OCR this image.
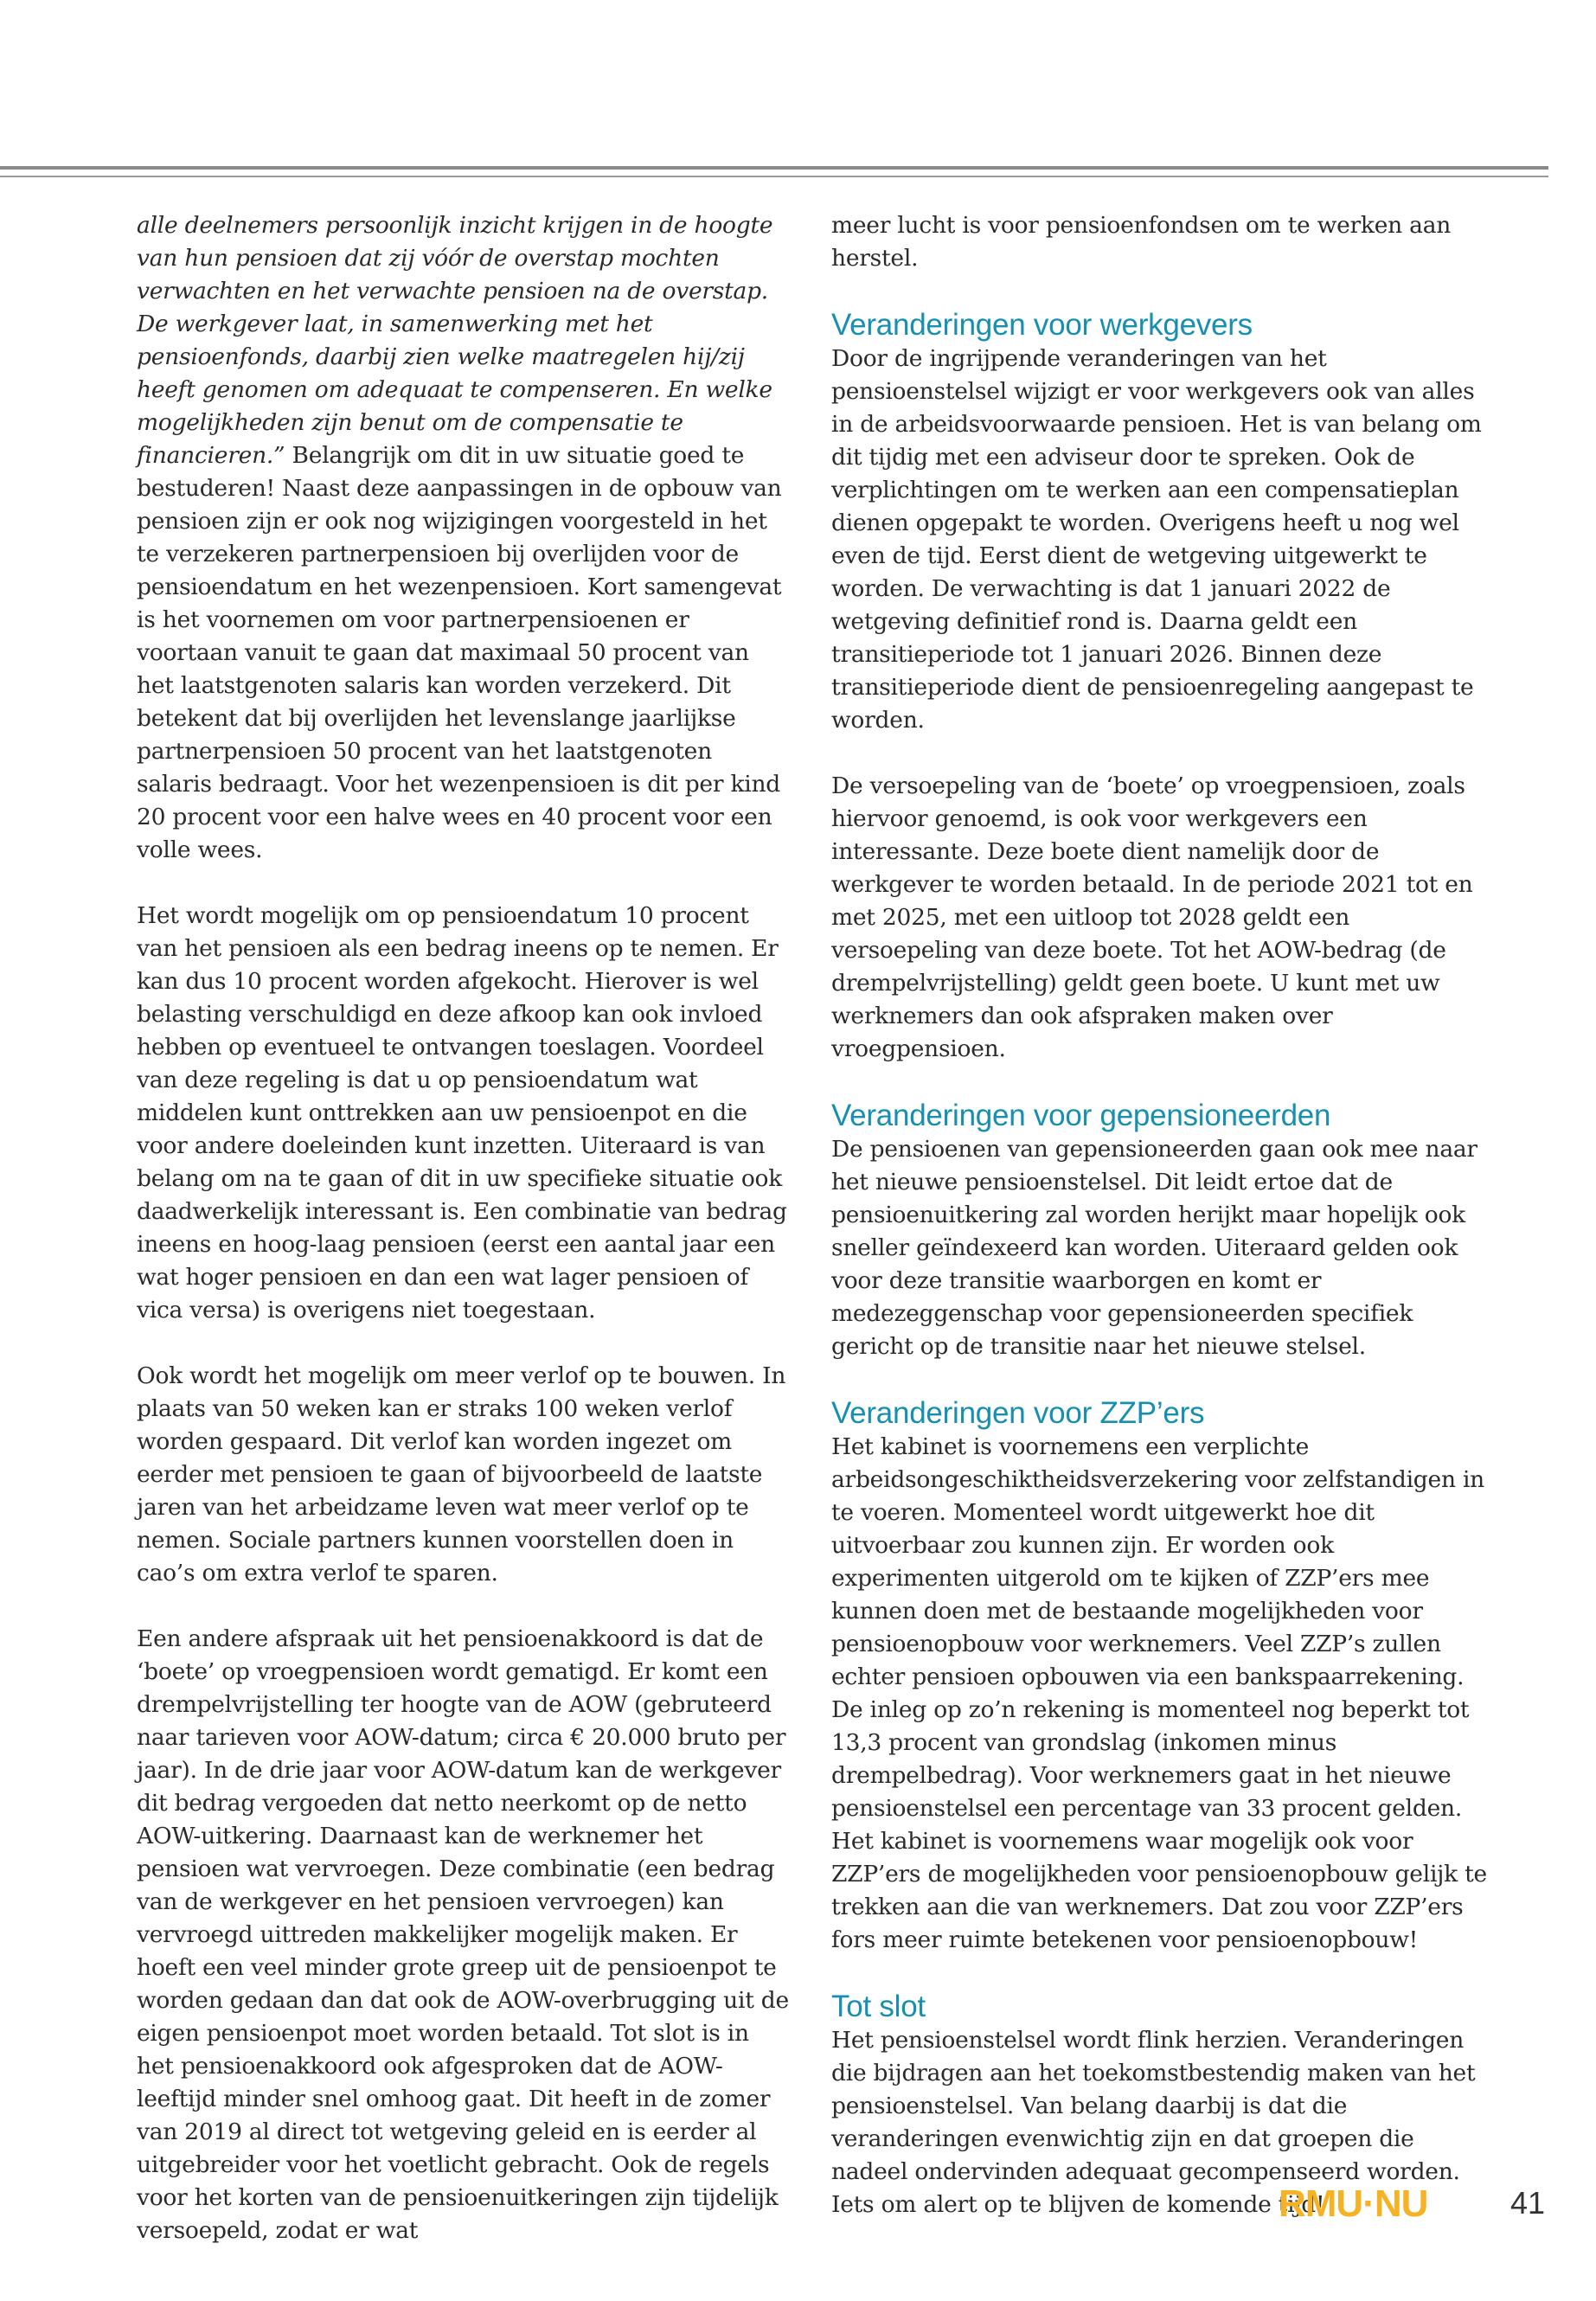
alle deelnemers persoonlijk inzicht krijgen in de hoogte van hun pensioen dat zij vóór de overstap mochten verwachten en het verwachte pensioen na de overstap. De werkgever laat, in samenwerking met het pensioenfonds, daarbij zien welke maatregelen hij/zij heeft genomen om adequaat te compenseren. En welke mogelijkheden zijn benut om de compensatie te financieren.” Belangrijk om dit in uw situatie goed te bestuderen! Naast deze aanpassingen in de opbouw van pensioen zijn er ook nog wijzigingen voorgesteld in het te verzekeren partnerpensioen bij overlijden voor de pensioendatum en het wezenpensioen. Kort samengevat is het voornemen om voor partnerpensioenen er voortaan vanuit te gaan dat maximaal 50 procent van het laatstgenoten salaris kan worden verzekerd. Dit betekent dat bij overlijden het levenslange jaarlijkse partnerpensioen 50 procent van het laatstgenoten salaris bedraagt. Voor het wezenpensioen is dit per kind 20 procent voor een halve wees en 40 procent voor een volle wees.
Het wordt mogelijk om op pensioendatum 10 procent van het pensioen als een bedrag ineens op te nemen. Er kan dus 10 procent worden afgekocht. Hierover is wel belasting verschuldigd en deze afkoop kan ook invloed hebben op eventueel te ontvangen toeslagen. Voordeel van deze regeling is dat u op pensioendatum wat middelen kunt onttrekken aan uw pensioenpot en die voor andere doeleinden kunt inzetten. Uiteraard is van belang om na te gaan of dit in uw specifieke situatie ook daadwerkelijk interessant is. Een combinatie van bedrag ineens en hoog-laag pensioen (eerst een aantal jaar een wat hoger pensioen en dan een wat lager pensioen of vica versa) is overigens niet toegestaan.
Ook wordt het mogelijk om meer verlof op te bouwen. In plaats van 50 weken kan er straks 100 weken verlof worden gespaard. Dit verlof kan worden ingezet om eerder met pensioen te gaan of bijvoorbeeld de laatste jaren van het arbeidzame leven wat meer verlof op te nemen. Sociale partners kunnen voorstellen doen in cao’s om extra verlof te sparen.
Een andere afspraak uit het pensioenakkoord is dat de ‘boete’ op vroegpensioen wordt gematigd. Er komt een drempelvrijstelling ter hoogte van de AOW (gebruteerd naar tarieven voor AOW-datum; circa € 20.000 bruto per jaar). In de drie jaar voor AOW-datum kan de werkgever dit bedrag vergoeden dat netto neerkomt op de netto AOW-uitkering. Daarnaast kan de werknemer het pensioen wat vervroegen. Deze combinatie (een bedrag van de werkgever en het pensioen vervroegen) kan vervroegd uittreden makkelijker mogelijk maken. Er hoeft een veel minder grote greep uit de pensioenpot te worden gedaan dan dat ook de AOW-overbrugging uit de eigen pensioenpot moet worden betaald. Tot slot is in het pensioenakkoord ook afgesproken dat de AOW-leeftijd minder snel omhoog gaat. Dit heeft in de zomer van 2019 al direct tot wetgeving geleid en is eerder al uitgebreider voor het voetlicht gebracht. Ook de regels voor het korten van de pensioenuitkeringen zijn tijdelijk versoepeld, zodat er wat
meer lucht is voor pensioenfondsen om te werken aan herstel.
Veranderingen voor werkgevers
Door de ingrijpende veranderingen van het pensioenstelsel wijzigt er voor werkgevers ook van alles in de arbeidsvoorwaarde pensioen. Het is van belang om dit tijdig met een adviseur door te spreken. Ook de verplichtingen om te werken aan een compensatieplan dienen opgepakt te worden. Overigens heeft u nog wel even de tijd. Eerst dient de wetgeving uitgewerkt te worden. De verwachting is dat 1 januari 2022 de wetgeving definitief rond is. Daarna geldt een transitieperiode tot 1 januari 2026. Binnen deze transitieperiode dient de pensioenregeling aangepast te worden.
De versoepeling van de ‘boete’ op vroegpensioen, zoals hiervoor genoemd, is ook voor werkgevers een interessante. Deze boete dient namelijk door de werkgever te worden betaald. In de periode 2021 tot en met 2025, met een uitloop tot 2028 geldt een versoepeling van deze boete. Tot het AOW-bedrag (de drempelvrijstelling) geldt geen boete. U kunt met uw werknemers dan ook afspraken maken over vroegpensioen.
Veranderingen voor gepensioneerden
De pensioenen van gepensioneerden gaan ook mee naar het nieuwe pensioenstelsel. Dit leidt ertoe dat de pensioenuitkering zal worden herijkt maar hopelijk ook sneller geïndexeerd kan worden. Uiteraard gelden ook voor deze transitie waarborgen en komt er medezeggenschap voor gepensioneerden specifiek gericht op de transitie naar het nieuwe stelsel.
Veranderingen voor ZZP’ers
Het kabinet is voornemens een verplichte arbeidsongeschiktheidsverzekering voor zelfstandigen in te voeren. Momenteel wordt uitgewerkt hoe dit uitvoerbaar zou kunnen zijn. Er worden ook experimenten uitgerold om te kijken of ZZP’ers mee kunnen doen met de bestaande mogelijkheden voor pensioenopbouw voor werknemers. Veel ZZP’s zullen echter pensioen opbouwen via een bankspaarrekening. De inleg op zo’n rekening is momenteel nog beperkt tot 13,3 procent van grondslag (inkomen minus drempelbedrag). Voor werknemers gaat in het nieuwe pensioenstelsel een percentage van 33 procent gelden. Het kabinet is voornemens waar mogelijk ook voor ZZP’ers de mogelijkheden voor pensioenopbouw gelijk te trekken aan die van werknemers. Dat zou voor ZZP’ers fors meer ruimte betekenen voor pensioenopbouw!
Tot slot
Het pensioenstelsel wordt flink herzien. Veranderingen die bijdragen aan het toekomstbestendig maken van het pensioenstelsel. Van belang daarbij is dat die veranderingen evenwichtig zijn en dat groepen die nadeel ondervinden adequaat gecompenseerd worden. Iets om alert op te blijven de komende tijd!
RMU·NU	41
